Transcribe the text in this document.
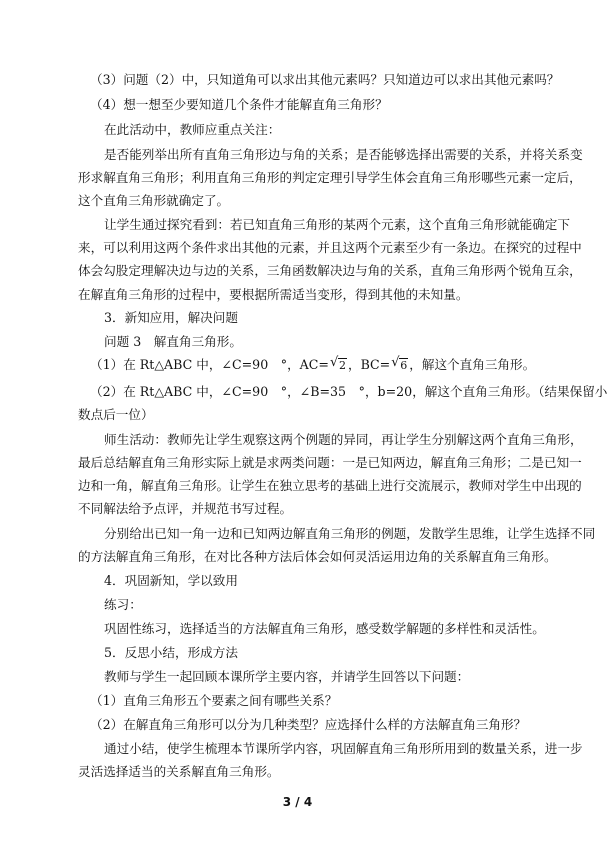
（3）问题（2）中，只知道角可以求出其他元素吗？只知道边可以求出其他元素吗？
（4）想一想至少要知道几个条件才能解直角三角形？
在此活动中，教师应重点关注：
是否能列举出所有直角三角形边与角的关系；是否能够选择出需要的关系，并将关系变
形求解直角三角形；利用直角三角形的判定定理引导学生体会直角三角形哪些元素一定后，
这个直角三角形就确定了。
让学生通过探究看到：若已知直角三角形的某两个元素，这个直角三角形就能确定下
来，可以利用这两个条件求出其他的元素，并且这两个元素至少有一条边。在探究的过程中
体会勾股定理解决边与边的关系，三角函数解决边与角的关系，直角三角形两个锐角互余，
在解直角三角形的过程中，要根据所需适当变形，得到其他的未知量。
3．新知应用，解决问题
问题 3　解直角三角形。
（1）在 Rt△ABC 中，∠C=90　°，AC= √ 2 ，BC= √ 6 ，解这个直角三角形。
（2）在 Rt△ABC 中，∠C=90　°，∠B=35　°，b=20，解这个直角三角形。（结果保留小
数点后一位）
师生活动：教师先让学生观察这两个例题的异同，再让学生分别解这两个直角三角形，
最后总结解直角三角形实际上就是求两类问题：一是已知两边，解直角三角形；二是已知一
边和一角，解直角三角形。让学生在独立思考的基础上进行交流展示，教师对学生中出现的
不同解法给予点评，并规范书写过程。
分别给出已知一角一边和已知两边解直角三角形的例题，发散学生思维，让学生选择不同
的方法解直角三角形，在对比各种方法后体会如何灵活运用边角的关系解直角三角形。
4．巩固新知，学以致用
练习：
巩固性练习，选择适当的方法解直角三角形，感受数学解题的多样性和灵活性。
5．反思小结，形成方法
教师与学生一起回顾本课所学主要内容，并请学生回答以下问题：
（1）直角三角形五个要素之间有哪些关系？
（2）在解直角三角形可以分为几种类型？应选择什么样的方法解直角三角形？
通过小结，使学生梳理本节课所学内容，巩固解直角三角形所用到的数量关系，进一步
灵活选择适当的关系解直角三角形。
3 / 4
